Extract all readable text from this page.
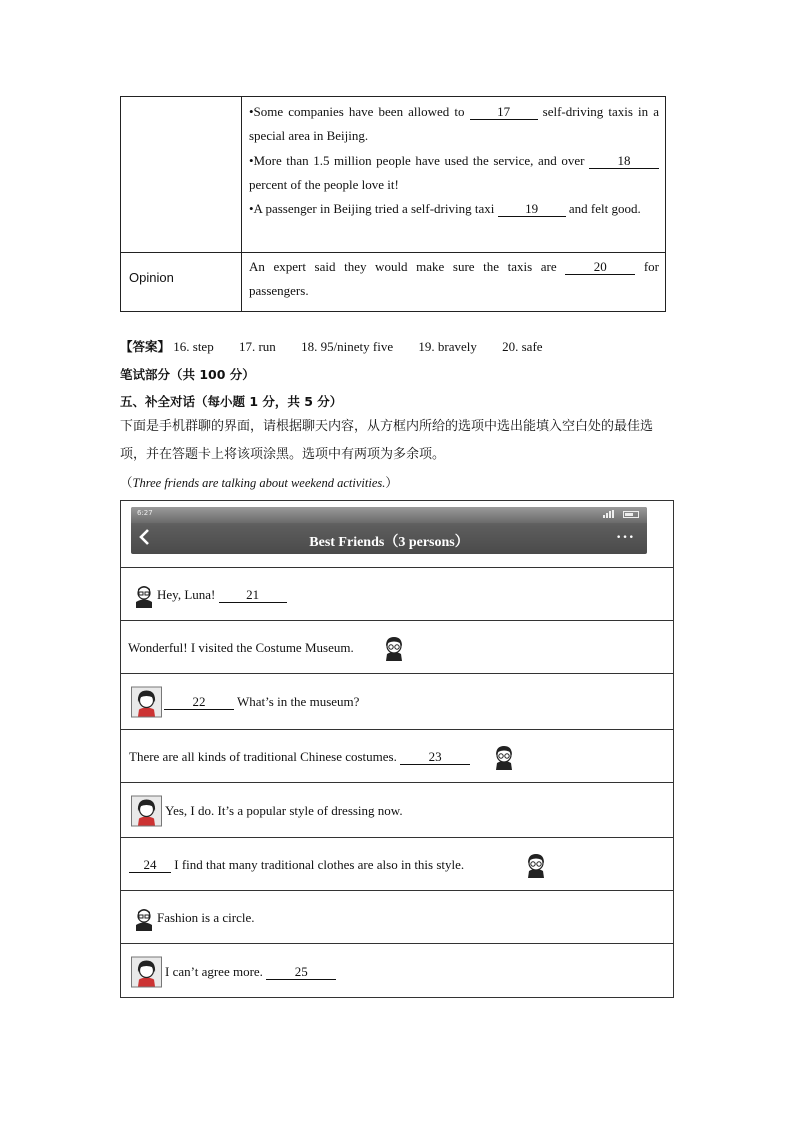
•Some companies have been allowed to 17 self-driving taxis in a special area in Beijing.

•More than 1.5 million people have used the service, and over 18 percent of the people love it!

•A passenger in Beijing tried a self-driving taxi 19 and felt good.

Opinion

An expert said they would make sure the taxis are 20 for passengers.

【答案】 16. step 17. run 18. 95/ninety five 19. bravely 20. safe
笔试部分（共 100 分）
五、补全对话（每小题 1 分，共 5 分）
下面是手机群聊的界面，请根据聊天内容，从方框内所给的选项中选出能填入空白处的最佳选项，并在答题卡上将该项涂黑。选项中有两项为多余项。
（Three friends are talking about weekend activities.）
6:27
Best Friends（3 persons）	···
Hey, Luna! 21
Wonderful! I visited the Costume Museum.
22 What’s in the museum?
There are all kinds of traditional Chinese costumes. 23
Yes, I do. It’s a popular style of dressing now.
24 I find that many traditional clothes are also in this style.
Fashion is a circle.
I can’t agree more. 25
